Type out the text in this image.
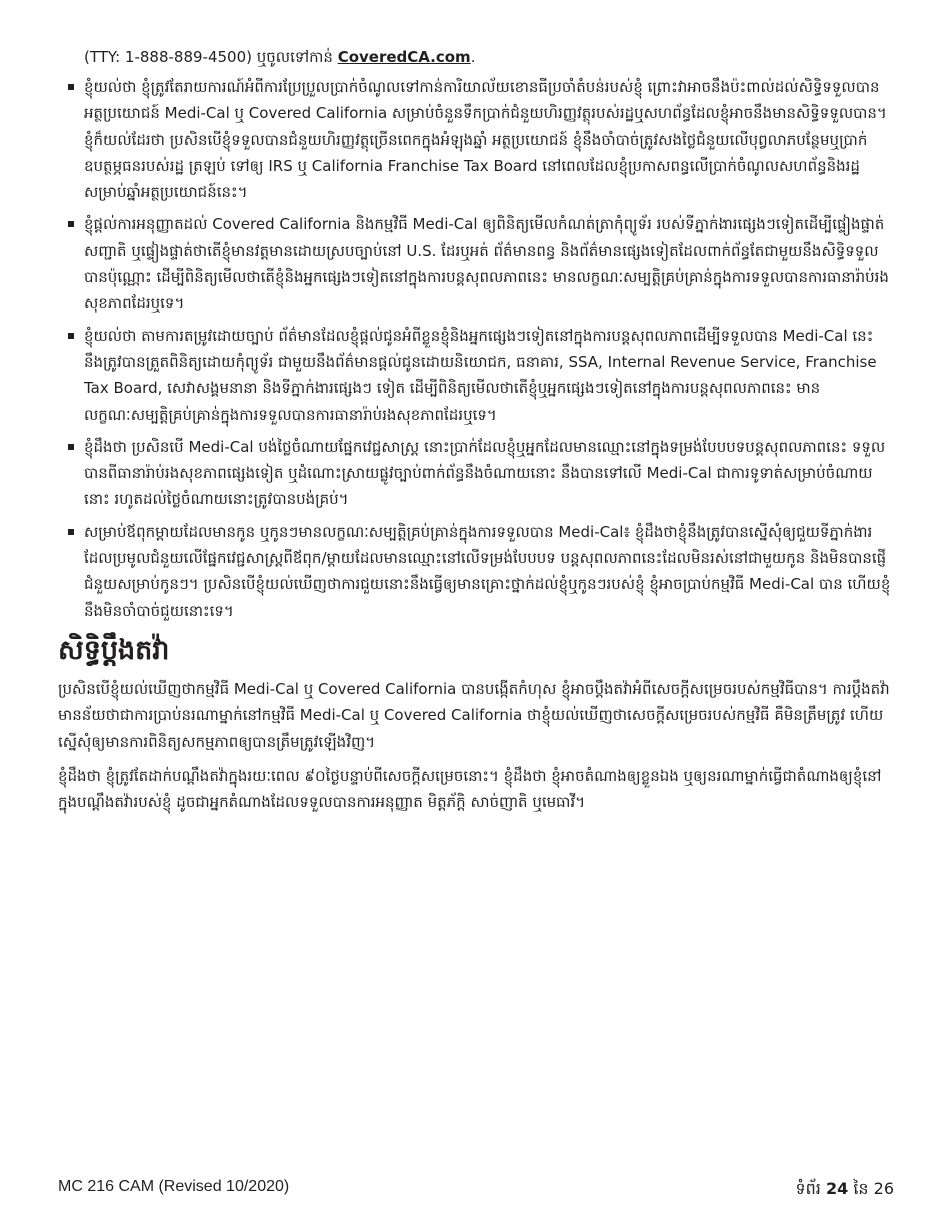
(TTY: 1-888-889-4500) ឬចូលទៅកាន់ CoveredCA.com.
ខ្ញុំយល់ថា ខ្ញុំត្រូវតែរាយការណ៍អំពីការប្រែប្រួលប្រាក់ចំណូលទៅកាន់ការិយាល័យខោនធីប្រចាំតំបន់របស់ខ្ញុំ ព្រោះវាអាចនឹងប៉ះពាល់ដល់សិទ្ធិទទួលបានអត្ថប្រយោជន៍ Medi-Cal ឬ Covered California សម្រាប់ចំនួនទឹកប្រាក់ជំនួយហិរញ្ញវត្ថុរបស់រដ្ឋឬសហព័ន្ធដែលខ្ញុំអាចនឹងមានសិទ្ធិទទួលបាន។ ខ្ញុំក៏យល់ដែរថា ប្រសិនបើខ្ញុំទទួលបានជំនួយហិរញ្ញវត្ថុច្រើនពេកក្នុងអំឡុងឆ្នាំ អត្ថប្រយោជន៍ ខ្ញុំនឹងចាំបាច់ត្រូវសងថ្លៃជំនួយលើបុព្វលាភបន្ថែមឬប្រាក់ឧបត្ថម្ភធនរបស់រដ្ឋ ត្រឡប់ ទៅឲ្យ IRS ឬ California Franchise Tax Board នៅពេលដែលខ្ញុំប្រកាសពន្ធលើប្រាក់ចំណូលសហព័ន្ធនិងរដ្ឋ សម្រាប់ឆ្នាំអត្ថប្រយោជន៍នេះ។
ខ្ញុំផ្តល់ការអនុញ្ញាតដល់ Covered California និងកម្មវិធី Medi-Cal ឲ្យពិនិត្យមើលកំណត់ត្រាកុំព្យូទ័រ របស់ទីភ្នាក់ងារផ្សេងៗទៀតដើម្បីផ្ទៀងផ្ទាត់សញ្ជាតិ ឬផ្ទៀងផ្ទាត់ថាតើខ្ញុំមានវត្តមានដោយស្របច្បាប់នៅ U.S. ដែរឬអត់ ព័ត៌មានពន្ធ និងព័ត៌មានផ្សេងទៀតដែលពាក់ព័ន្ធតែជាមួយនឹងសិទ្ធិទទួលបានប៉ុណ្ណោះ ដើម្បីពិនិត្យមើលថាតើខ្ញុំនិងអ្នកផ្សេងៗទៀតនៅក្នុងការបន្តសុពលភាពនេះ មានលក្ខណៈសម្បត្តិគ្រប់គ្រាន់ក្នុងការទទួលបានការធានារ៉ាប់រងសុខភាពដែរឬទេ។
ខ្ញុំយល់ថា តាមការតម្រូវដោយច្បាប់ ព័ត៌មានដែលខ្ញុំផ្តល់ជូនអំពីខ្លួនខ្ញុំនិងអ្នកផ្សេងៗទៀតនៅក្នុងការបន្តសុពលភាពដើម្បីទទួលបាន Medi-Cal នេះ នឹងត្រូវបានត្រួតពិនិត្យដោយកុំព្យូទ័រ ជាមួយនឹងព័ត៌មានផ្តល់ជូនដោយនិយោជក, ធនាគារ, SSA, Internal Revenue Service, Franchise Tax Board, សេវាសង្គមនានា និងទីភ្នាក់ងារផ្សេងៗ ទៀត ដើម្បីពិនិត្យមើលថាតើខ្ញុំឬអ្នកផ្សេងៗទៀតនៅក្នុងការបន្តសុពលភាពនេះ មានលក្ខណៈសម្បត្តិគ្រប់គ្រាន់ក្នុងការទទួលបានការធានារ៉ាប់រងសុខភាពដែរឬទេ។
ខ្ញុំដឹងថា ប្រសិនបើ Medi-Cal បង់ថ្លៃចំណាយផ្នែកវេជ្ជសាស្ត្រ នោះប្រាក់ដែលខ្ញុំឬអ្នកដែលមានឈ្មោះនៅក្នុងទម្រង់បែបបទបន្តសុពលភាពនេះ ទទួលបានពីធានារ៉ាប់រងសុខភាពផ្សេងទៀត ឬដំណោះស្រាយផ្លូវច្បាប់ពាក់ព័ន្ធនឹងចំណាយនោះ នឹងបានទៅលើ Medi-Cal ជាការទូទាត់សម្រាប់ចំណាយនោះ រហូតដល់ថ្លៃចំណាយនោះត្រូវបានបង់គ្រប់។
សម្រាប់ឪពុកម្តាយដែលមានកូន ឬកូនៗមានលក្ខណៈសម្បត្តិគ្រប់គ្រាន់ក្នុងការទទួលបាន Medi-Cal៖ ខ្ញុំដឹងថាខ្ញុំនឹងត្រូវបានស្នើសុំឲ្យជួយទីភ្នាក់ងារដែលប្រមូលជំនួយលើផ្នែកវេជ្ជសាស្ត្រពីឪពុក/ម្តាយដែលមានឈ្មោះនៅលើទម្រង់បែបបទ បន្តសុពលភាពនេះដែលមិនរស់នៅជាមួយកូន និងមិនបានផ្ញើជំនួយសម្រាប់កូនៗ។ ប្រសិនបើខ្ញុំយល់ឃើញថាការជួយនោះនឹងធ្វើឲ្យមានគ្រោះថ្នាក់ដល់ខ្ញុំឬកូនៗរបស់ខ្ញុំ ខ្ញុំអាចប្រាប់កម្មវិធី Medi-Cal បាន ហើយខ្ញុំនឹងមិនចាំបាច់ជួយនោះទេ។
សិទ្ធិប្តឹងតវ៉ា

ប្រសិនបើខ្ញុំយល់ឃើញថាកម្មវិធី Medi-Cal ឬ Covered California បានបង្កើតកំហុស ខ្ញុំអាចប្តឹងតវ៉ាអំពីសេចក្តីសម្រេចរបស់កម្មវិធីបាន។ ការប្តឹងតវ៉ាមានន័យថាជាការប្រាប់នរណាម្នាក់នៅកម្មវិធី Medi-Cal ឬ Covered California ថាខ្ញុំយល់ឃើញថាសេចក្តីសម្រេចរបស់កម្មវិធី គឺមិនត្រឹមត្រូវ ហើយស្នើសុំឲ្យមានការពិនិត្យសកម្មភាពឲ្យបានត្រឹមត្រូវឡើងវិញ។

ខ្ញុំដឹងថា ខ្ញុំត្រូវតែដាក់បណ្តឹងតវ៉ាក្នុងរយៈពេល ៩០ថ្ងៃបន្ទាប់ពីសេចក្តីសម្រេចនោះ។ ខ្ញុំដឹងថា ខ្ញុំអាចតំណាងឲ្យខ្លួនឯង ឬឲ្យនរណាម្នាក់ធ្វើជាតំណាងឲ្យខ្ញុំនៅក្នុងបណ្តឹងតវ៉ារបស់ខ្ញុំ ដូចជាអ្នកតំណាងដែលទទួលបានការអនុញ្ញាត មិត្តភ័ក្តិ សាច់ញាតិ ឬមេធាវី។

MC 216 CAM (Revised 10/2020)	ទំព័រ 24 នៃ 26
